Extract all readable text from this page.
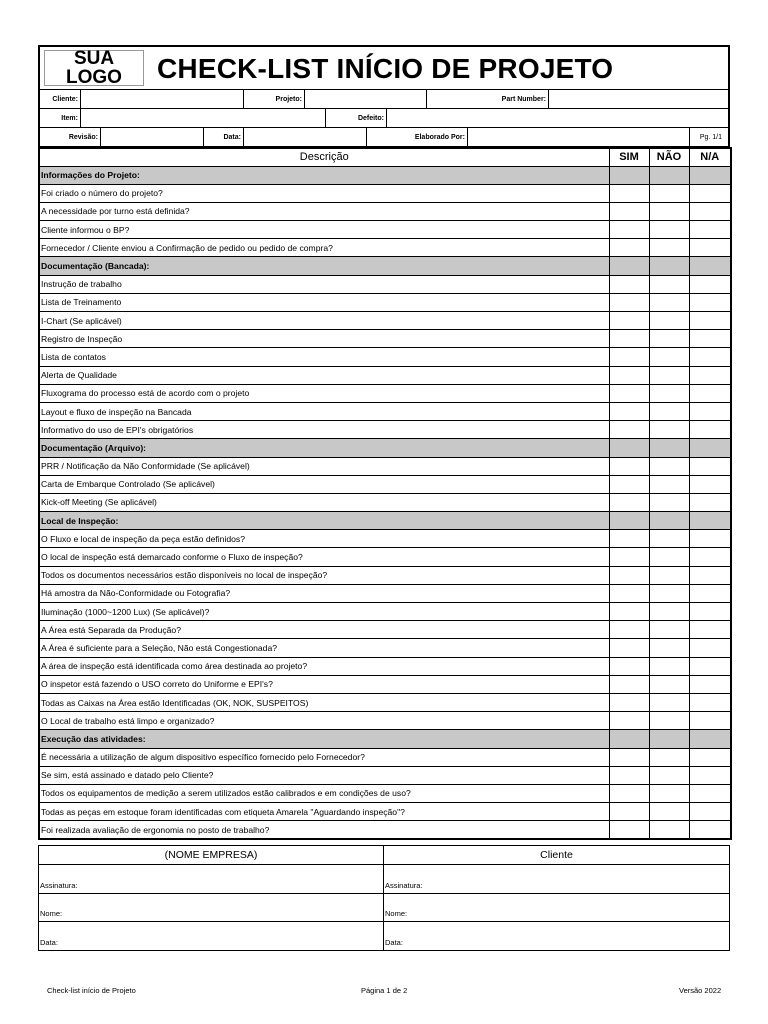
SUA
LOGO CHECK-LIST INÍCIO DE PROJETO
Cliente:	Projeto:	Part Number:
Item:	Defeito:
Revisão:	Data:	Elaborado Por:	Pg. 1/1
Descrição	SIM	NÃO	N/A
Informações do Projeto:			
Foi criado o número do projeto?			
A necessidade por turno está definida?			
Cliente informou o BP?			
Fornecedor / Cliente enviou a Confirmação de pedido ou pedido de compra?			
Documentação (Bancada):			
Instrução de trabalho			
Lista de Treinamento			
I-Chart (Se aplicável)			
Registro de Inspeção			
Lista de contatos			
Alerta de Qualidade			
Fluxograma do processo está de acordo com o projeto			
Layout e fluxo de inspeção na Bancada			
Informativo do uso de EPI's obrigatórios			
Documentação (Arquivo):			
PRR / Notificação da Não Conformidade (Se aplicável)			
Carta de Embarque Controlado (Se aplicável)			
Kick-off Meeting (Se aplicável)			
Local de Inspeção:			
O Fluxo e local de inspeção da peça estão definidos?			
O local de inspeção está demarcado conforme o Fluxo de inspeção?			
Todos os documentos necessários estão disponíveis no local de inspeção?			
Há amostra da Não-Conformidade ou Fotografia?			
Iluminação (1000~1200 Lux) (Se aplicável)?			
A Área está Separada da Produção?			
A Área é suficiente para a Seleção, Não está Congestionada?			
A área de inspeção está identificada como área destinada ao projeto?			
O inspetor está fazendo o USO correto do Uniforme e EPI's?			
Todas as Caixas na Área estão Identificadas (OK, NOK, SUSPEITOS)			
O Local de trabalho está limpo e organizado?			
Execução das atividades:			
É necessária a utilização de algum dispositivo específico fornecido pelo Fornecedor?			
Se sim, está assinado e datado pelo Cliente?			
Todos os equipamentos de medição a serem utilizados estão calibrados e em condições de uso?			
Todas as peças em estoque foram identificadas com etiqueta Amarela "Aguardando inspeção"?			
Foi realizada avaliação de ergonomia no posto de trabalho?			
(NOME EMPRESA)
Assinatura:
Nome:
Data:
Cliente
Assinatura:
Nome:
Data:
Check-list início de Projeto	Página 1 de 2	Versão 2022
